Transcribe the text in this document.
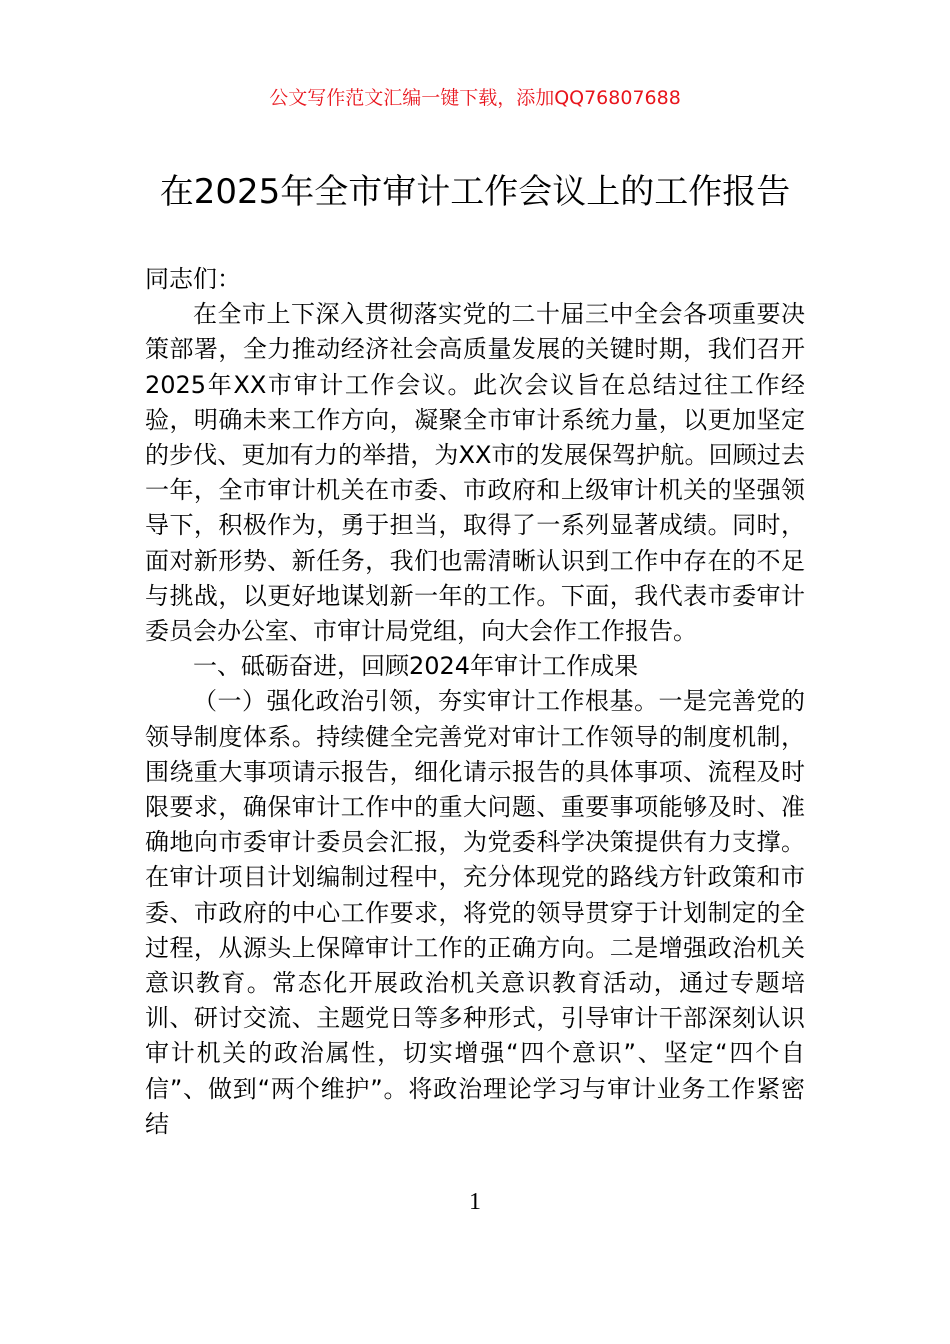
公文写作范文汇编一键下载，添加QQ76807688
在2025年全市审计工作会议上的工作报告

同志们：

在全市上下深入贯彻落实党的二十届三中全会各项重要决策部署，全力推动经济社会高质量发展的关键时期，我们召开2025年XX市审计工作会议。此次会议旨在总结过往工作经验，明确未来工作方向，凝聚全市审计系统力量，以更加坚定的步伐、更加有力的举措，为XX市的发展保驾护航。回顾过去一年，全市审计机关在市委、市政府和上级审计机关的坚强领导下，积极作为，勇于担当，取得了一系列显著成绩。同时，面对新形势、新任务，我们也需清晰认识到工作中存在的不足与挑战，以更好地谋划新一年的工作。下面，我代表市委审计委员会办公室、市审计局党组，向大会作工作报告。

一、砥砺奋进，回顾2024年审计工作成果

（一）强化政治引领，夯实审计工作根基。一是完善党的领导制度体系。持续健全完善党对审计工作领导的制度机制，围绕重大事项请示报告，细化请示报告的具体事项、流程及时限要求，确保审计工作中的重大问题、重要事项能够及时、准确地向市委审计委员会汇报，为党委科学决策提供有力支撑。在审计项目计划编制过程中，充分体现党的路线方针政策和市委、市政府的中心工作要求，将党的领导贯穿于计划制定的全过程，从源头上保障审计工作的正确方向。二是增强政治机关意识教育。常态化开展政治机关意识教育活动，通过专题培训、研讨交流、主题党日等多种形式，引导审计干部深刻认识审计机关的政治属性，切实增强“四个意识”、坚定“四个自信”、做到“两个维护”。将政治理论学习与审计业务工作紧密结

1
